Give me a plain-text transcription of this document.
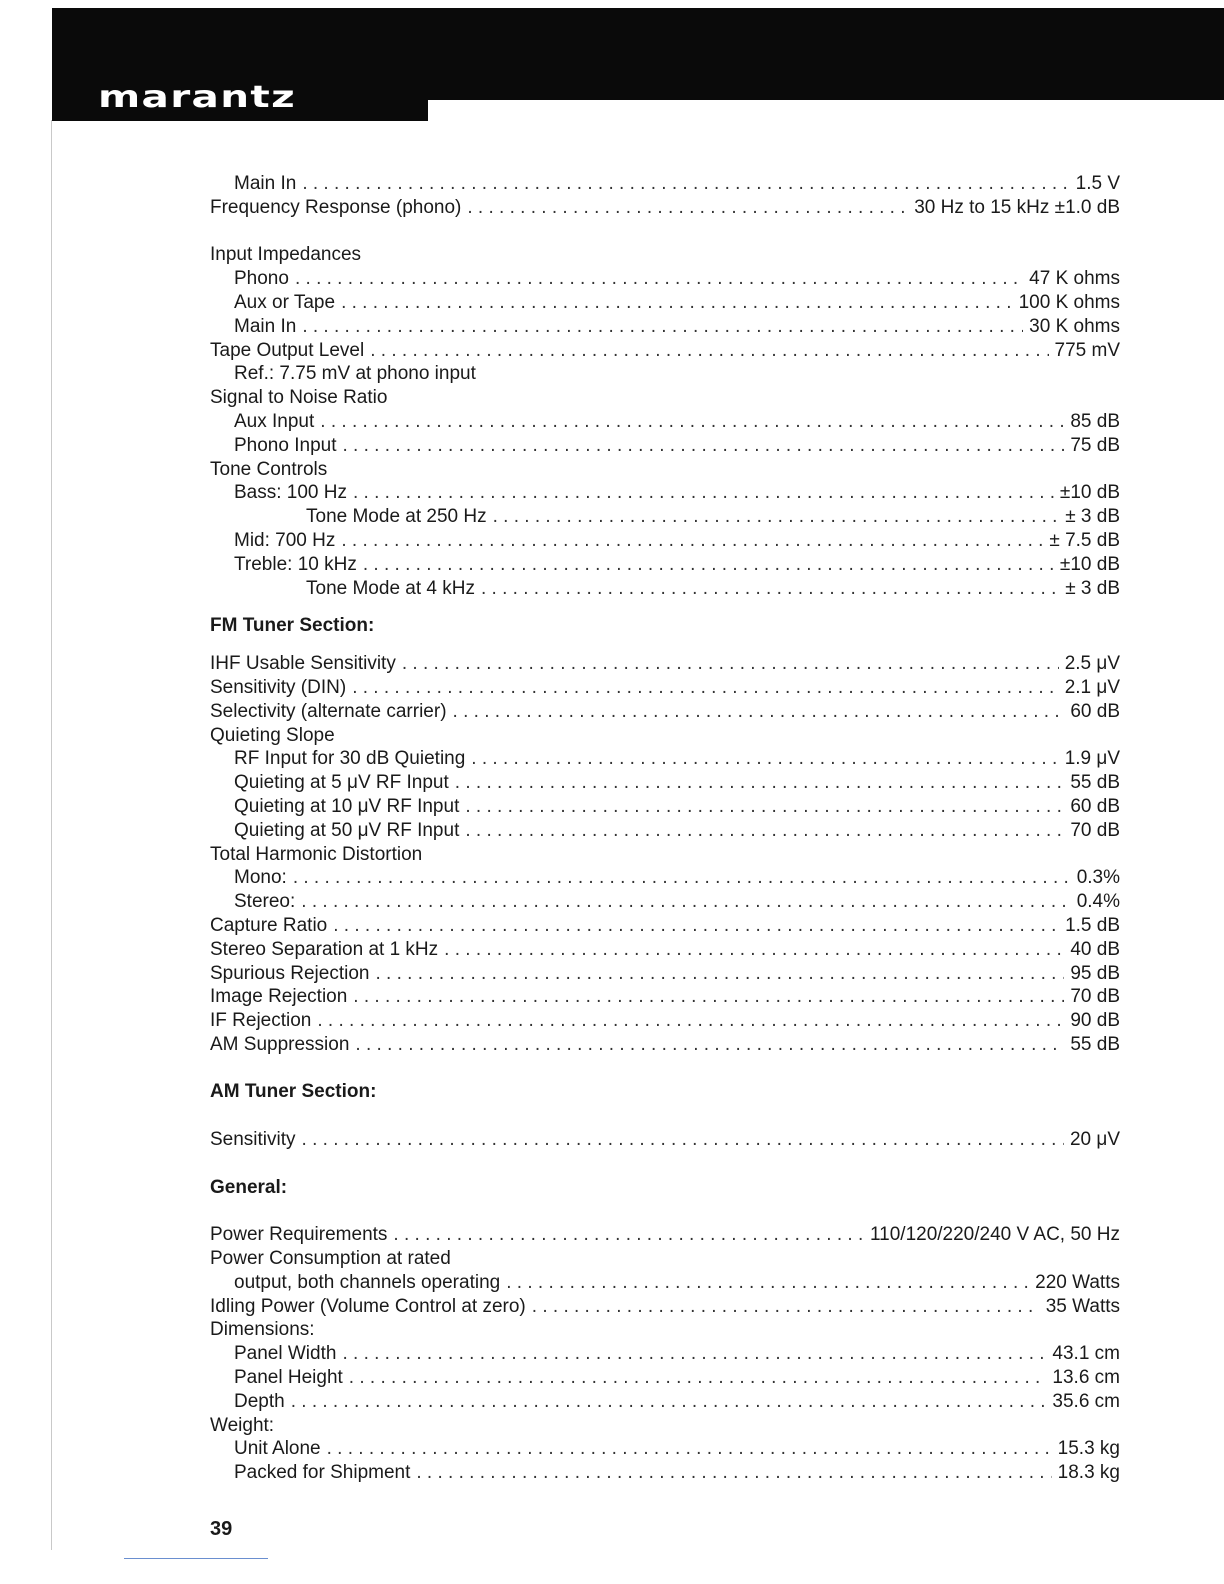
marantz
Main In . . .	1.5 V
Frequency Response (phono) . . .	30 Hz to 15 kHz ±1.0 dB
Input Impedances
Phono . . .	47 K ohms
Aux or Tape . . .	100 K ohms
Main In . . .	30 K ohms
Tape Output Level . . .	775 mV
Ref.: 7.75 mV at phono input
Signal to Noise Ratio
Aux Input . . .	85 dB
Phono Input . . .	75 dB
Tone Controls
Bass: 100 Hz . . .	±10 dB
Tone Mode at 250 Hz . . .	± 3 dB
Mid: 700 Hz . . .	± 7.5 dB
Treble: 10 kHz . . .	±10 dB
Tone Mode at 4 kHz . . .	± 3 dB
FM Tuner Section:
IHF Usable Sensitivity . . .	2.5 μV
Sensitivity (DIN) . . .	2.1 μV
Selectivity (alternate carrier) . . .	60 dB
Quieting Slope
RF Input for 30 dB Quieting . . .	1.9 μV
Quieting at 5 μV RF Input . . .	55 dB
Quieting at 10 μV RF Input . . .	60 dB
Quieting at 50 μV RF Input . . .	70 dB
Total Harmonic Distortion
Mono: . . .	0.3%
Stereo: . . .	0.4%
Capture Ratio . . .	1.5 dB
Stereo Separation at 1 kHz . . .	40 dB
Spurious Rejection . . .	95 dB
Image Rejection . . .	70 dB
IF Rejection . . .	90 dB
AM Suppression . . .	55 dB
AM Tuner Section:
Sensitivity . . .	20 μV
General:
Power Requirements . . .	110/120/220/240 V AC, 50 Hz
Power Consumption at rated
output, both channels operating . . .	220 Watts
Idling Power (Volume Control at zero) . . .	35 Watts
Dimensions:
Panel Width . . .	43.1 cm
Panel Height . . .	13.6 cm
Depth . . .	35.6 cm
Weight:
Unit Alone . . .	15.3 kg
Packed for Shipment . . .	18.3 kg
39
